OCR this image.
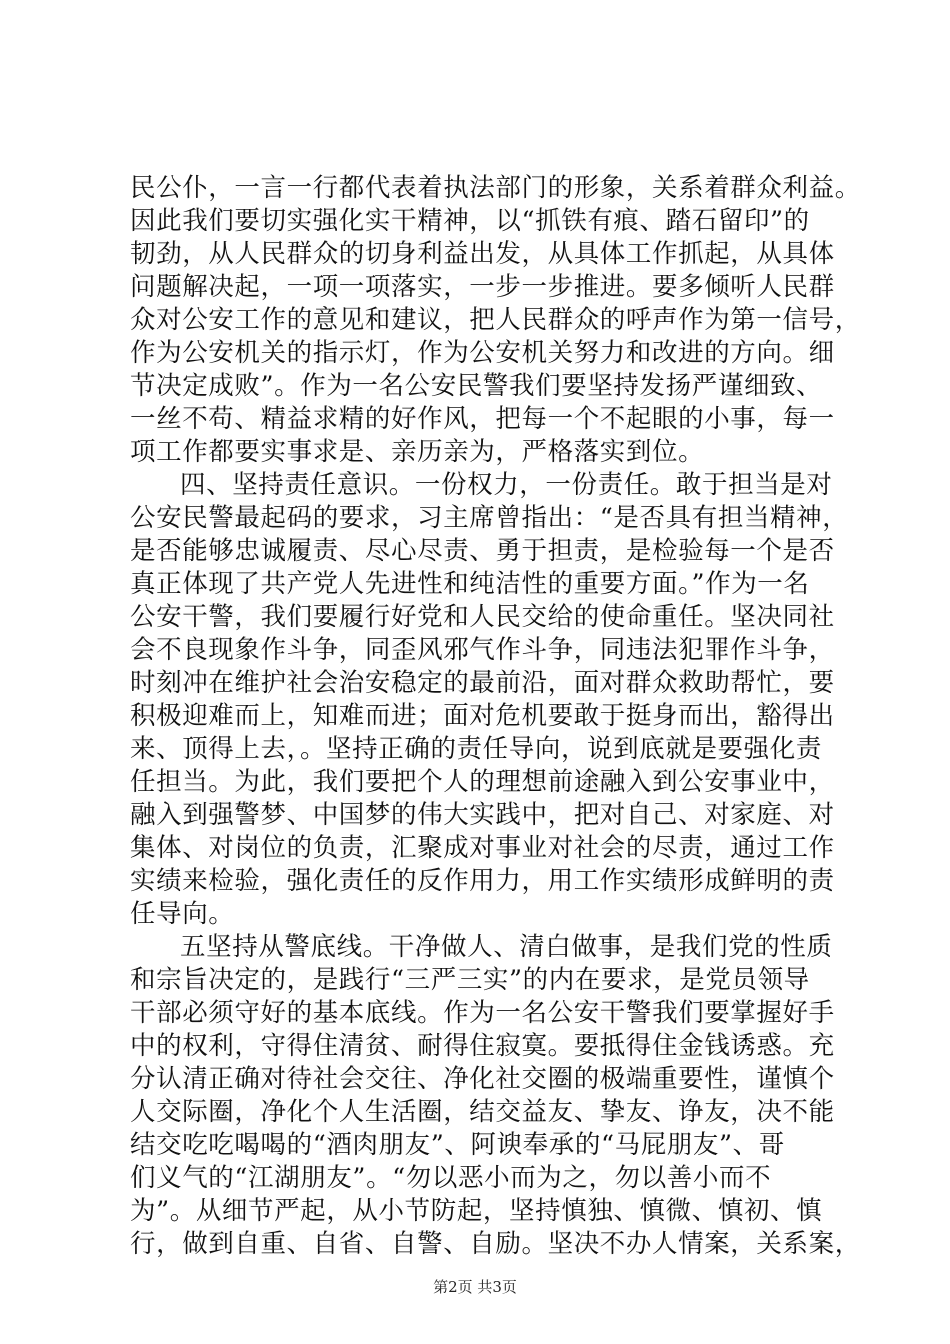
民公仆，一言一行都代表着执法部门的形象，关系着群众利益。
因此我们要切实强化实干精神，以“抓铁有痕、踏石留印”的
韧劲，从人民群众的切身利益出发，从具体工作抓起，从具体
问题解决起，一项一项落实，一步一步推进。要多倾听人民群
众对公安工作的意见和建议，把人民群众的呼声作为第一信号，
作为公安机关的指示灯，作为公安机关努力和改进的方向。细
节决定成败”。作为一名公安民警我们要坚持发扬严谨细致、
一丝不苟、精益求精的好作风，把每一个不起眼的小事，每一
项工作都要实事求是、亲历亲为，严格落实到位。
四、坚持责任意识。一份权力，一份责任。敢于担当是对
公安民警最起码的要求，习主席曾指出：“是否具有担当精神，
是否能够忠诚履责、尽心尽责、勇于担责，是检验每一个是否
真正体现了共产党人先进性和纯洁性的重要方面。”作为一名
公安干警，我们要履行好党和人民交给的使命重任。坚决同社
会不良现象作斗争，同歪风邪气作斗争，同违法犯罪作斗争，
时刻冲在维护社会治安稳定的最前沿，面对群众救助帮忙，要
积极迎难而上，知难而进；面对危机要敢于挺身而出，豁得出
来、顶得上去，。坚持正确的责任导向，说到底就是要强化责
任担当。为此，我们要把个人的理想前途融入到公安事业中，
融入到强警梦、中国梦的伟大实践中，把对自己、对家庭、对
集体、对岗位的负责，汇聚成对事业对社会的尽责，通过工作
实绩来检验，强化责任的反作用力，用工作实绩形成鲜明的责
任导向。
五坚持从警底线。干净做人、清白做事，是我们党的性质
和宗旨决定的，是践行“三严三实”的内在要求，是党员领导
干部必须守好的基本底线。作为一名公安干警我们要掌握好手
中的权利，守得住清贫、耐得住寂寞。要抵得住金钱诱惑。充
分认清正确对待社会交往、净化社交圈的极端重要性，谨慎个
人交际圈，净化个人生活圈，结交益友、挚友、诤友，决不能
结交吃吃喝喝的“酒肉朋友”、阿谀奉承的“马屁朋友”、哥
们义气的“江湖朋友”。“勿以恶小而为之，勿以善小而不
为”。从细节严起，从小节防起，坚持慎独、慎微、慎初、慎
行，做到自重、自省、自警、自励。坚决不办人情案，关系案，
第2页 共3页
